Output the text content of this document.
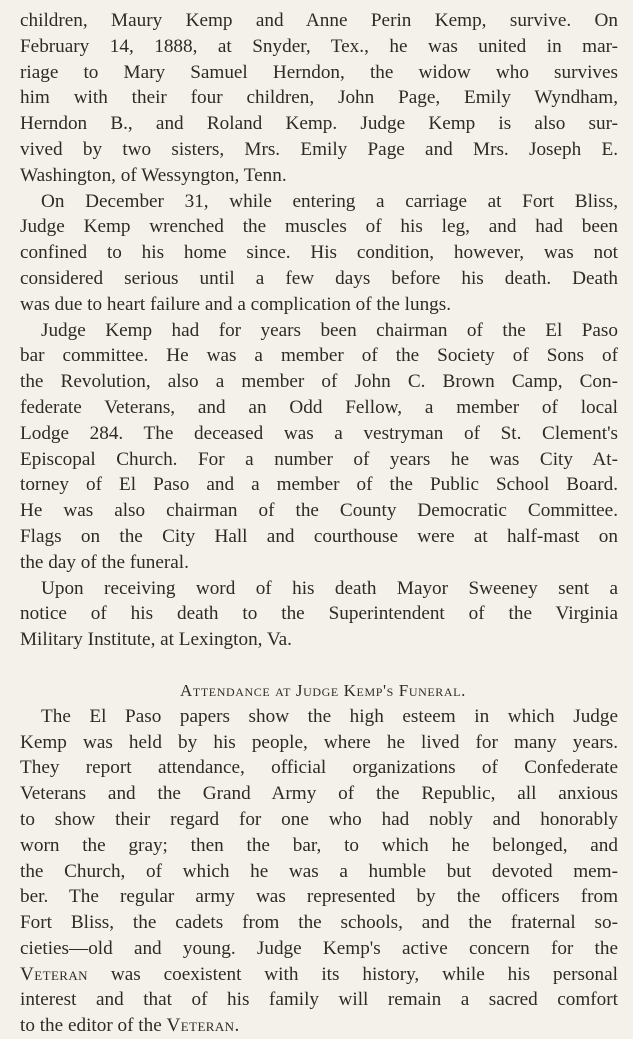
children, Maury Kemp and Anne Perin Kemp, survive. On
February 14, 1888, at Snyder, Tex., he was united in mar-
riage to Mary Samuel Herndon, the widow who survives
him with their four children, John Page, Emily Wyndham,
Herndon B., and Roland Kemp. Judge Kemp is also sur-
vived by two sisters, Mrs. Emily Page and Mrs. Joseph E.
Washington, of Wessyngton, Tenn.
On December 31, while entering a carriage at Fort Bliss,
Judge Kemp wrenched the muscles of his leg, and had been
confined to his home since. His condition, however, was not
considered serious until a few days before his death. Death
was due to heart failure and a complication of the lungs.
Judge Kemp had for years been chairman of the El Paso
bar committee. He was a member of the Society of Sons of
the Revolution, also a member of John C. Brown Camp, Con-
federate Veterans, and an Odd Fellow, a member of local
Lodge 284. The deceased was a vestryman of St. Clement's
Episcopal Church. For a number of years he was City At-
torney of El Paso and a member of the Public School Board.
He was also chairman of the County Democratic Committee.
Flags on the City Hall and courthouse were at half-mast on
the day of the funeral.
Upon receiving word of his death Mayor Sweeney sent a
notice of his death to the Superintendent of the Virginia
Military Institute, at Lexington, Va.
Attendance at Judge Kemp's Funeral.
The El Paso papers show the high esteem in which Judge
Kemp was held by his people, where he lived for many years.
They report attendance, official organizations of Confederate
Veterans and the Grand Army of the Republic, all anxious
to show their regard for one who had nobly and honorably
worn the gray; then the bar, to which he belonged, and
the Church, of which he was a humble but devoted mem-
ber. The regular army was represented by the officers from
Fort Bliss, the cadets from the schools, and the fraternal so-
cieties—old and young. Judge Kemp's active concern for the
Veteran was coexistent with its history, while his personal
interest and that of his family will remain a sacred comfort
to the editor of the Veteran.
